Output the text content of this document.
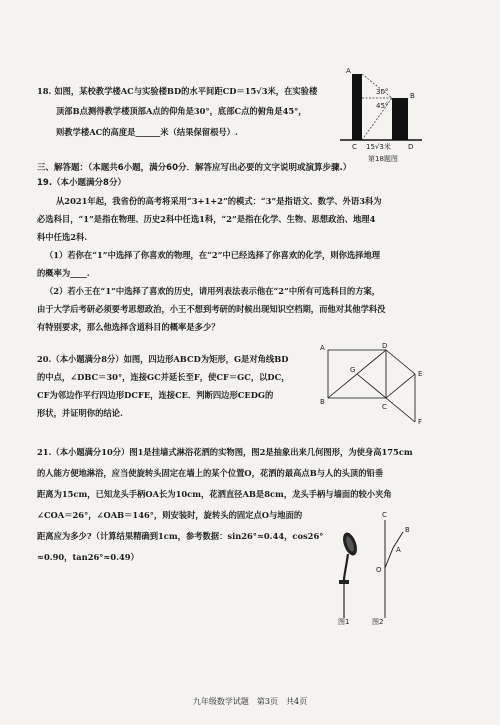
18. 如图，某校教学楼AC与实验楼BD的水平间距CD＝15√3米，在实验楼
顶部B点测得教学楼顶部A点的仰角是30°，底部C点的俯角是45°，
则教学楼AC的高度是______米（结果保留根号）.
A
B
C	D
30°
45°
15√3米
第18题图
三、解答题：（本题共6小题，满分60分．解答应写出必要的文字说明或演算步骤.）
19.（本小题满分8分）
从2021年起，我省份的高考将采用“3+1+2”的模式：“3”是指语文、数学、外语3科为
必选科目，“1”是指在物理、历史2科中任选1科，“2”是指在化学、生物、思想政治、地理4
科中任选2科.
（1）若你在“1”中选择了你喜欢的物理，在“2”中已经选择了你喜欢的化学，则你选择地理
的概率为____.
（2）若小王在“1”中选择了喜欢的历史，请用列表法表示他在“2”中所有可选科目的方案，
由于大学后考研必须要考思想政治，小王不想到考研的时候出现知识空档期，而他对其他学科没
有特别要求，那么他选择含道科目的概率是多少？
20.（本小题满分8分）如图，四边形ABCD为矩形，G是对角线BD
的中点，∠DBC＝30°，连接GC并延长至F，使CF＝GC，以DC，
CF为邻边作平行四边形DCFE，连接CE．判断四边形CEDG的
形状，并证明你的结论.
A
B
C
D
E
F
G
21.（本小题满分10分）图1是挂墙式淋浴花洒的实物图，图2是抽象出来几何图形，为使身高175cm
的人能方便地淋浴，应当使旋转头固定在墙上的某个位置O，花洒的最高点B与人的头顶的铅垂
距离为15cm，已知龙头手柄OA长为10cm，花洒直径AB是8cm，龙头手柄与墙面的较小夹角
∠COA＝26°，∠OAB＝146°，则安装时，旋转头的固定点O与地面的
距离应为多少?（计算结果精确到1cm，参考数据：sin26°≈0.44，cos26°
≈0.90，tan26°≈0.49）
图1
C
A
B
O
图2
九年级数学试题　第3页　共4页
